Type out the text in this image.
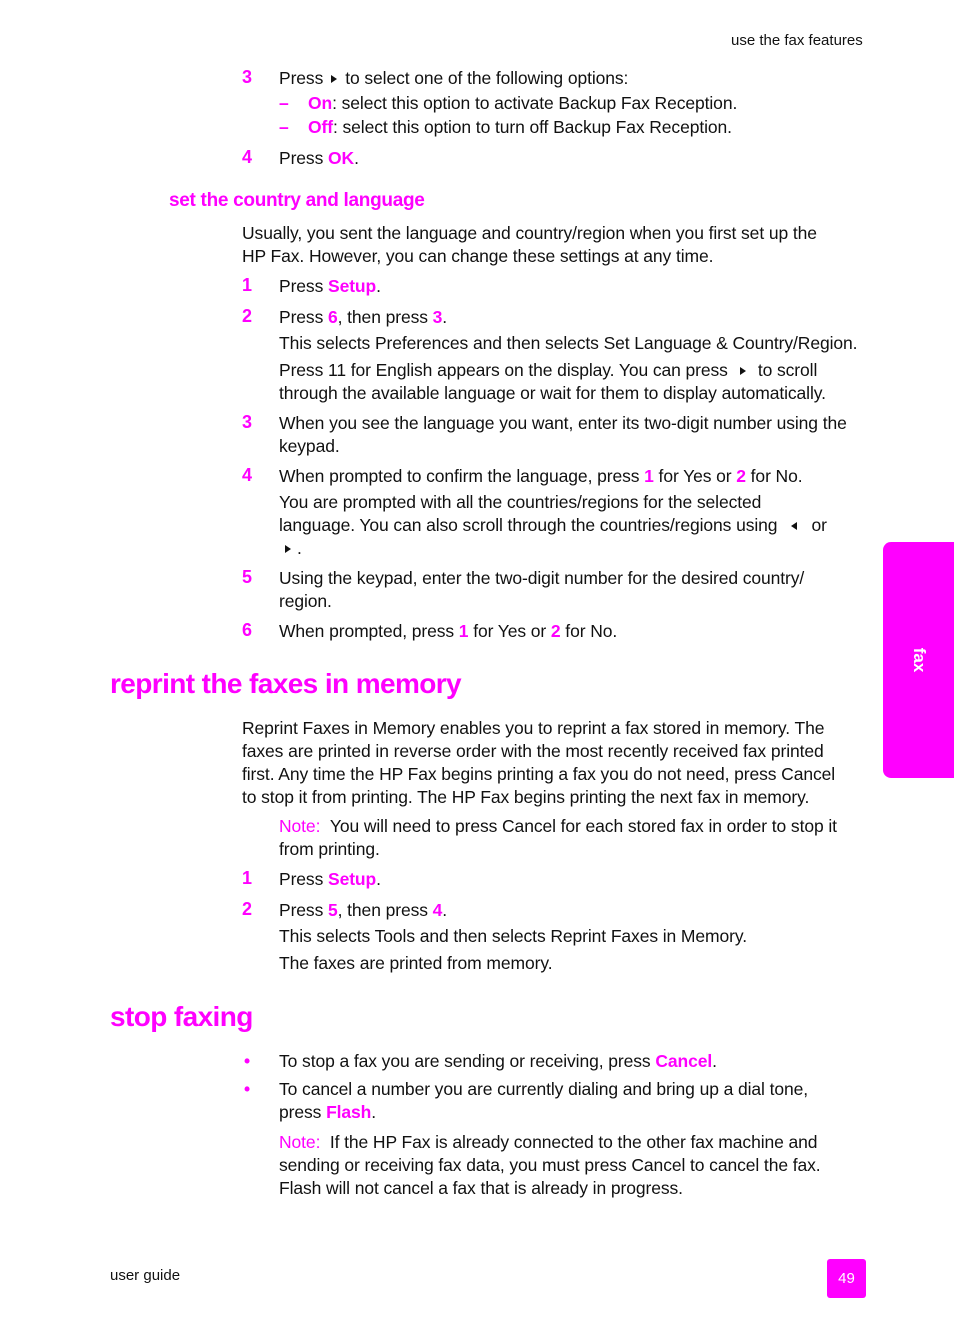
use the fax features
3 Press to select one of the following options:
– On: select this option to activate Backup Fax Reception.
– Off: select this option to turn off Backup Fax Reception.
4 Press OK.
set the country and language
Usually, you sent the language and country/region when you first set up the
HP Fax. However, you can change these settings at any time.
1 Press Setup.
2 Press 6, then press 3.
This selects Preferences and then selects Set Language & Country/Region.
Press 11 for English appears on the display. You can press to scroll
through the available language or wait for them to display automatically.
3 When you see the language you want, enter its two-digit number using the
keypad.
4 When prompted to confirm the language, press 1 for Yes or 2 for No.
You are prompted with all the countries/regions for the selected
language. You can also scroll through the countries/regions using or
.
5 Using the keypad, enter the two-digit number for the desired country/
region.
6 When prompted, press 1 for Yes or 2 for No.
reprint the faxes in memory
Reprint Faxes in Memory enables you to reprint a fax stored in memory. The
faxes are printed in reverse order with the most recently received fax printed
first. Any time the HP Fax begins printing a fax you do not need, press Cancel
to stop it from printing. The HP Fax begins printing the next fax in memory.
Note: You will need to press Cancel for each stored fax in order to stop it
from printing.
1 Press Setup.
2 Press 5, then press 4.
This selects Tools and then selects Reprint Faxes in Memory.
The faxes are printed from memory.
stop faxing
• To stop a fax you are sending or receiving, press Cancel.
• To cancel a number you are currently dialing and bring up a dial tone,
press Flash.
Note: If the HP Fax is already connected to the other fax machine and
sending or receiving fax data, you must press Cancel to cancel the fax.
Flash will not cancel a fax that is already in progress.
fax
user guide	49
